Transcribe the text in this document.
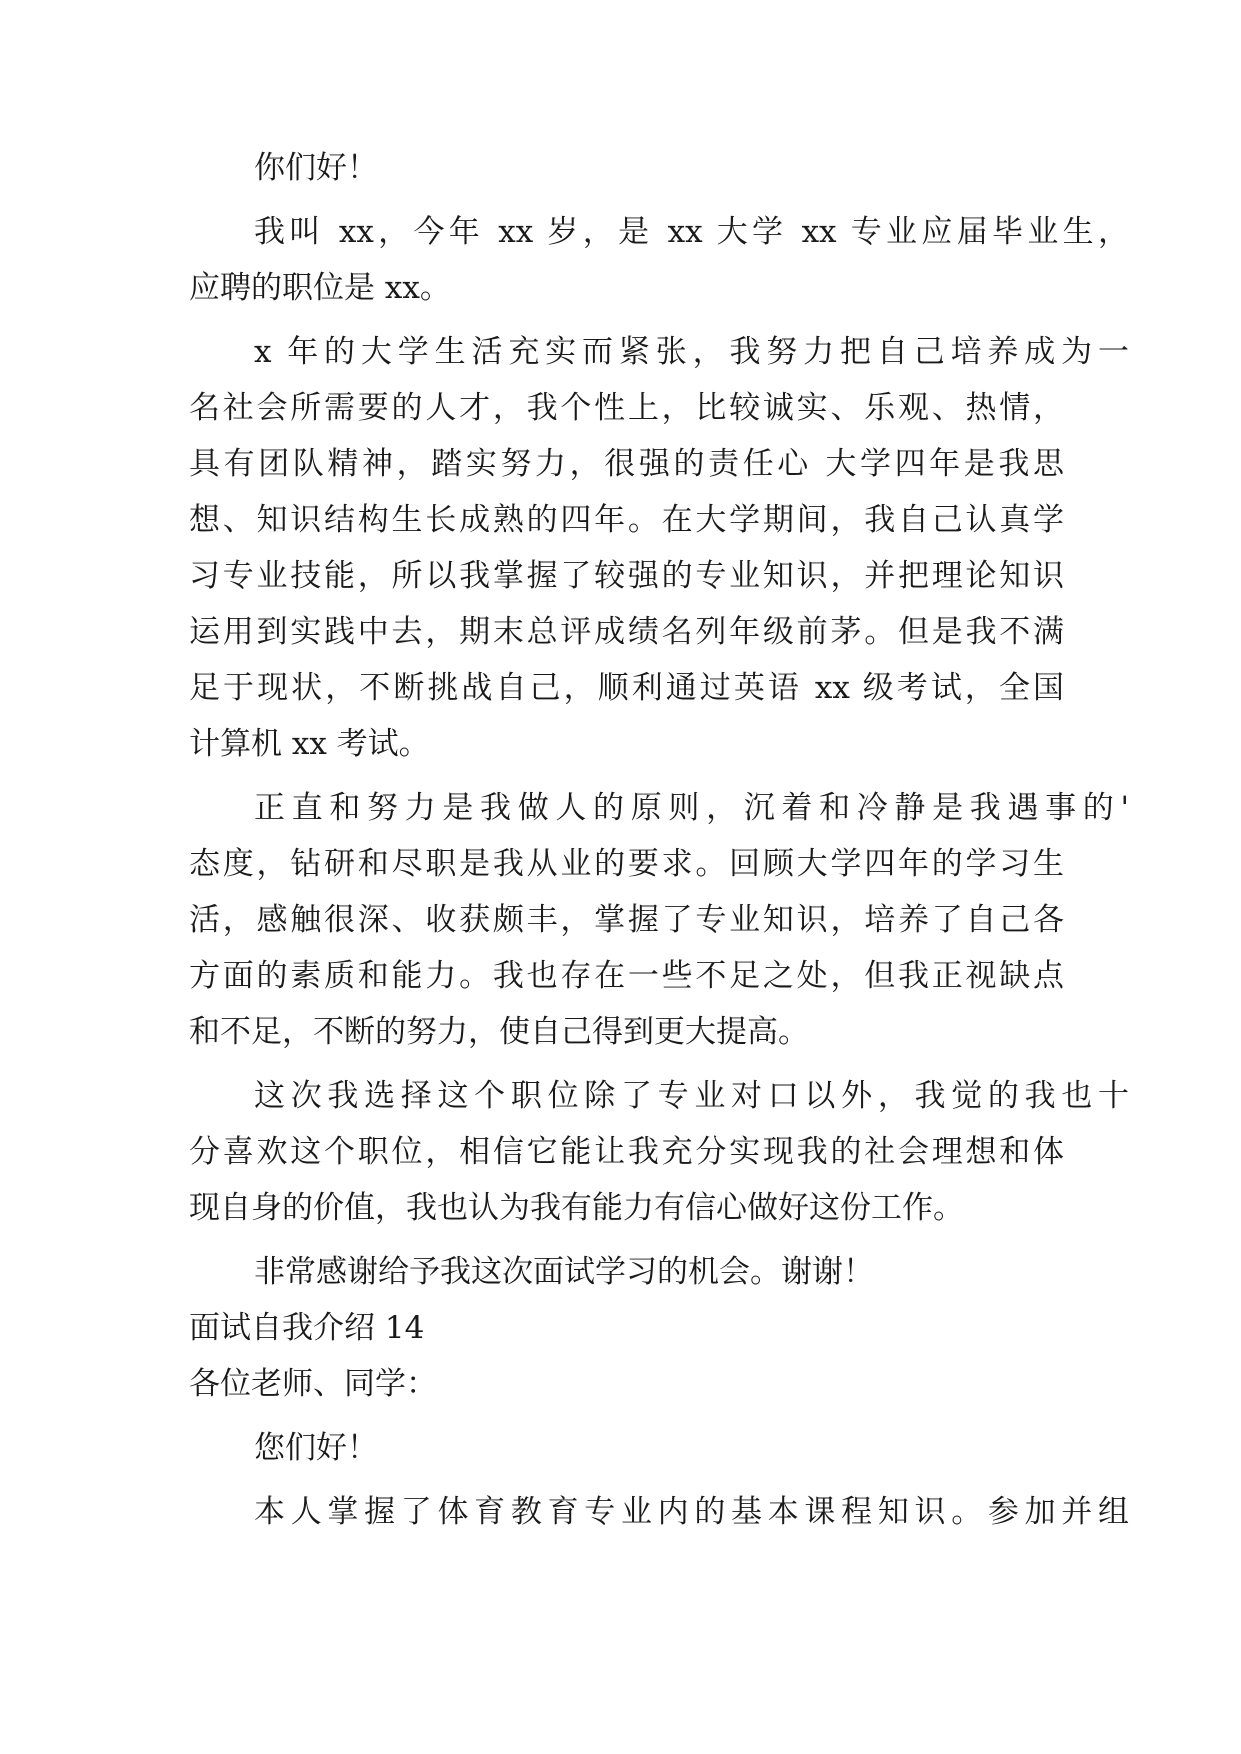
你们好！

我叫 xx，今年 xx 岁，是 xx 大学 xx 专业应届毕业生，

应聘的职位是 xx。

x 年的大学生活充实而紧张，我努力把自己培养成为一

名社会所需要的人才，我个性上，比较诚实、乐观、热情，

具有团队精神，踏实努力，很强的责任心 大学四年是我思

想、知识结构生长成熟的四年。在大学期间，我自己认真学

习专业技能，所以我掌握了较强的专业知识，并把理论知识

运用到实践中去，期末总评成绩名列年级前茅。但是我不满

足于现状，不断挑战自己，顺利通过英语 xx 级考试，全国

计算机 xx 考试。

正直和努力是我做人的原则，沉着和冷静是我遇事的'

态度，钻研和尽职是我从业的要求。回顾大学四年的学习生

活，感触很深、收获颇丰，掌握了专业知识，培养了自己各

方面的素质和能力。我也存在一些不足之处，但我正视缺点

和不足，不断的努力，使自己得到更大提高。

这次我选择这个职位除了专业对口以外，我觉的我也十

分喜欢这个职位，相信它能让我充分实现我的社会理想和体

现自身的价值，我也认为我有能力有信心做好这份工作。

非常感谢给予我这次面试学习的机会。谢谢！

面试自我介绍 14

各位老师、同学：

您们好！

本人掌握了体育教育专业内的基本课程知识。参加并组
